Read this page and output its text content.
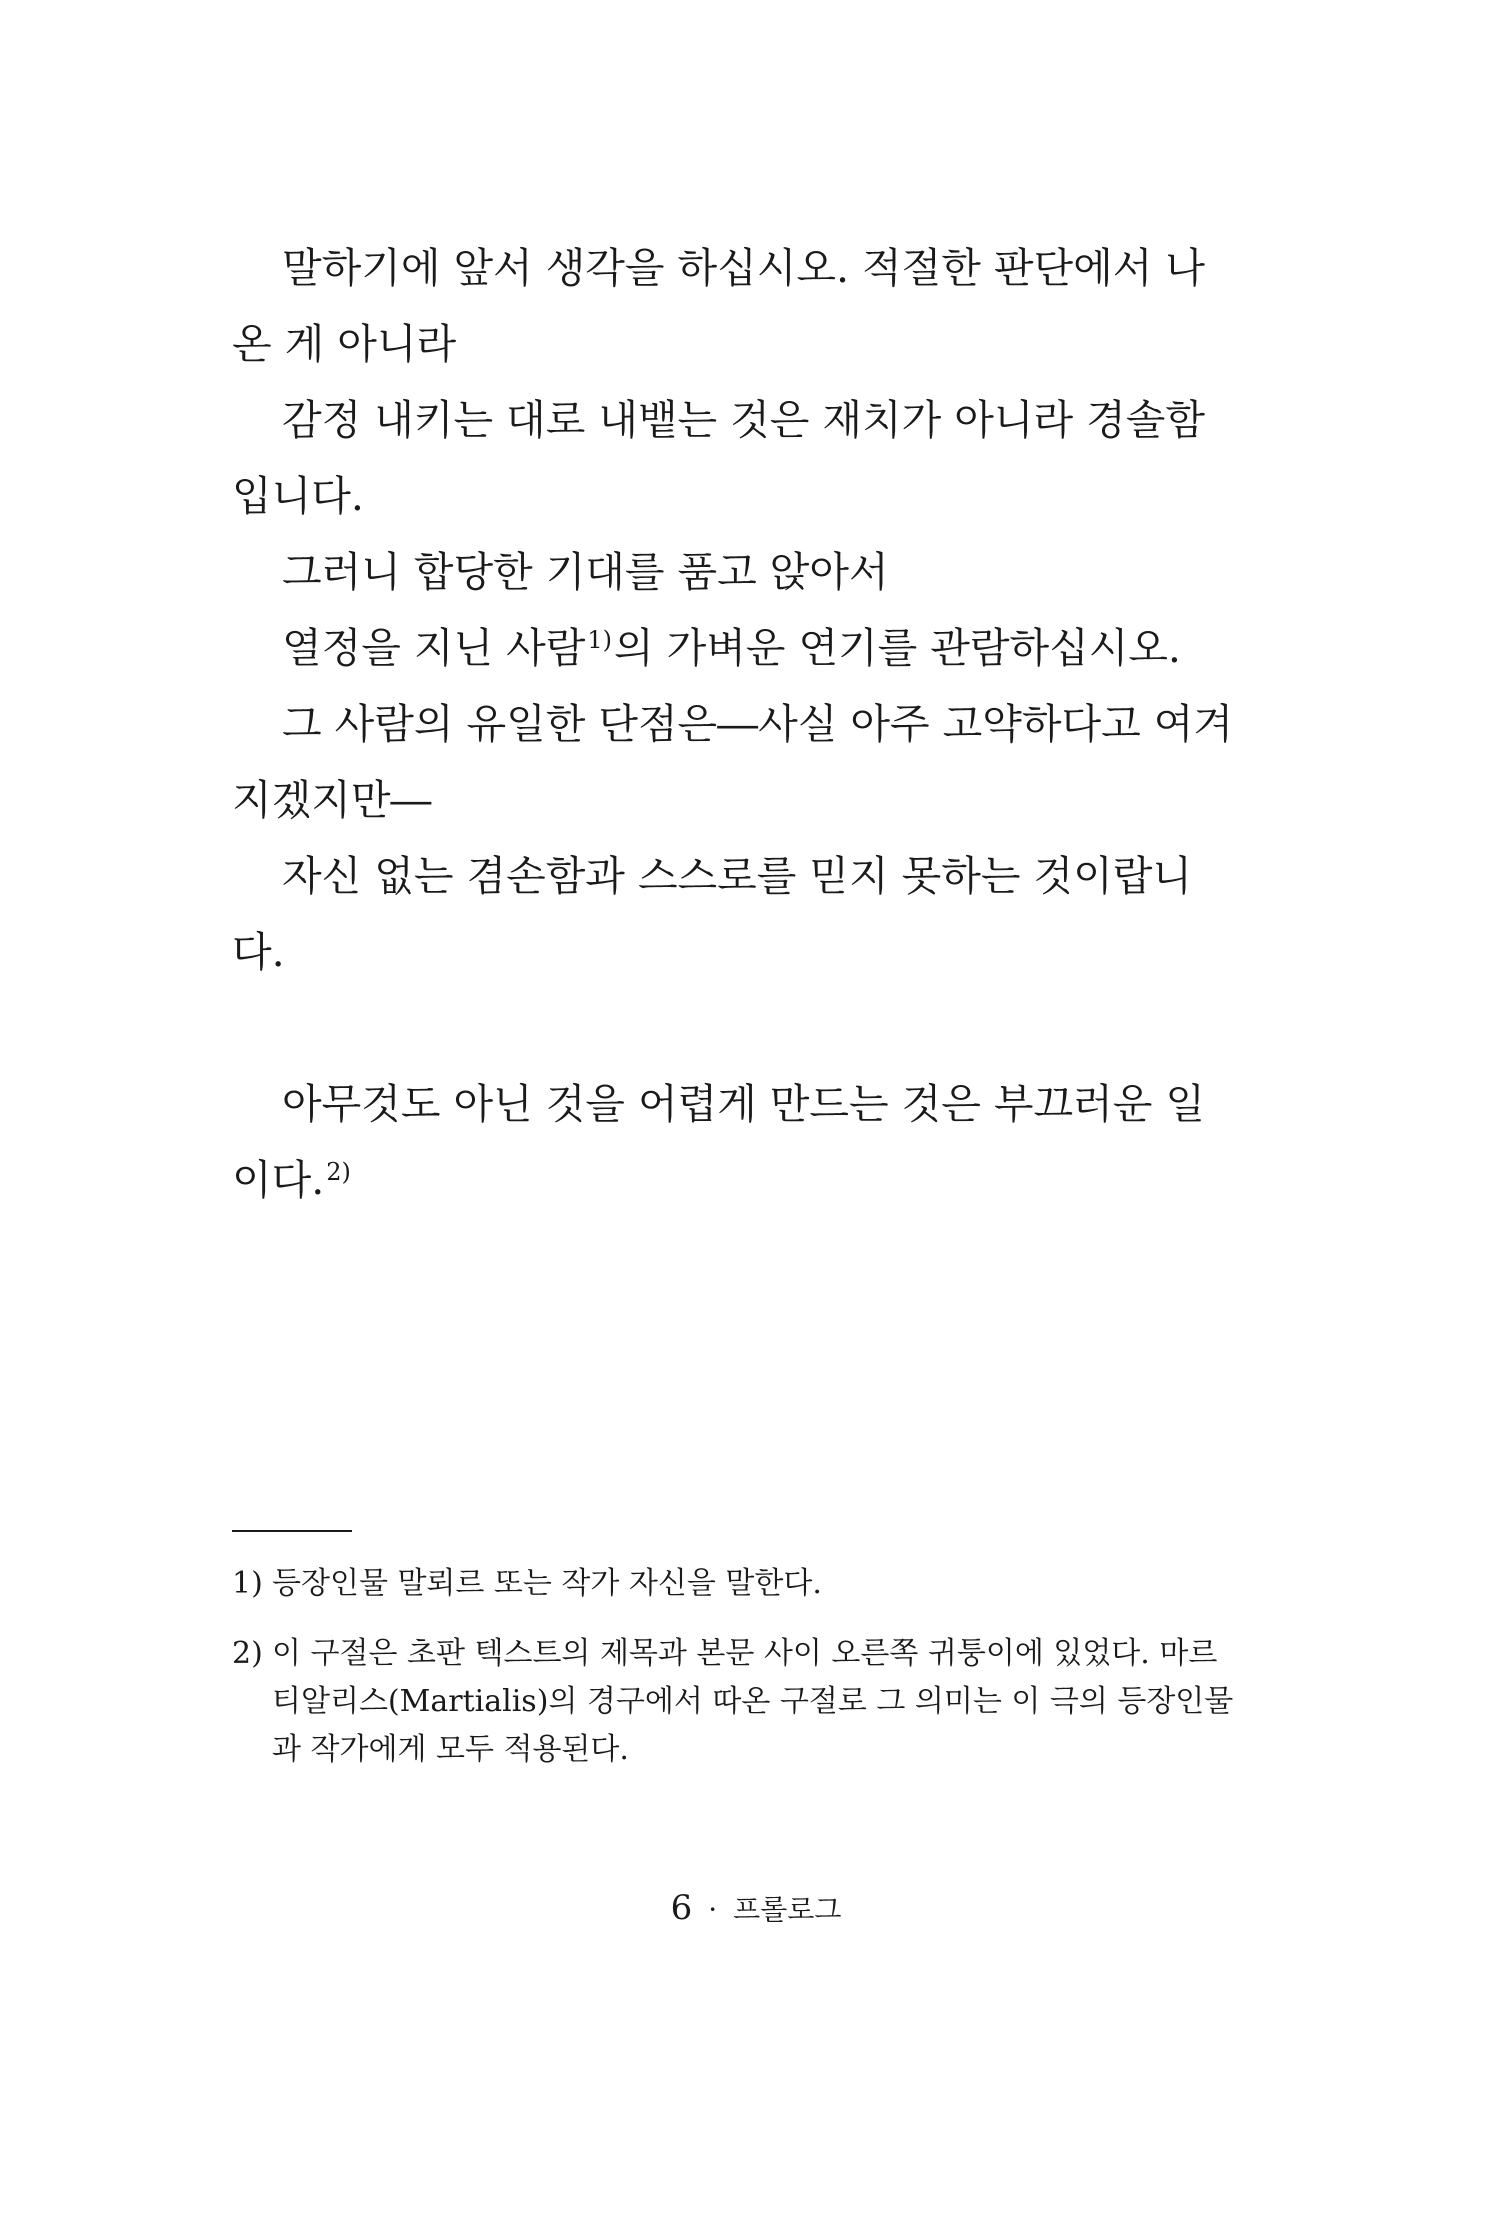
말하기에 앞서 생각을 하십시오. 적절한 판단에서 나온 게 아니라

감정 내키는 대로 내뱉는 것은 재치가 아니라 경솔함입니다.

그러니 합당한 기대를 품고 앉아서

열정을 지닌 사람$^{1)}$의 가벼운 연기를 관람하십시오.

그 사람의 유일한 단점은―사실 아주 고약하다고 여겨지겠지만―

자신 없는 겸손함과 스스로를 믿지 못하는 것이랍니다.

아무것도 아닌 것을 어렵게 만드는 것은 부끄러운 일이다.$^{2)}$

1) 등장인물 말뢰르 또는 작가 자신을 말한다.
2) 이 구절은 초판 텍스트의 제목과 본문 사이 오른쪽 귀퉁이에 있었다. 마르티알리스(Martialis)의 경구에서 따온 구절로 그 의미는 이 극의 등장인물과 작가에게 모두 적용된다.
6 · 프롤로그
